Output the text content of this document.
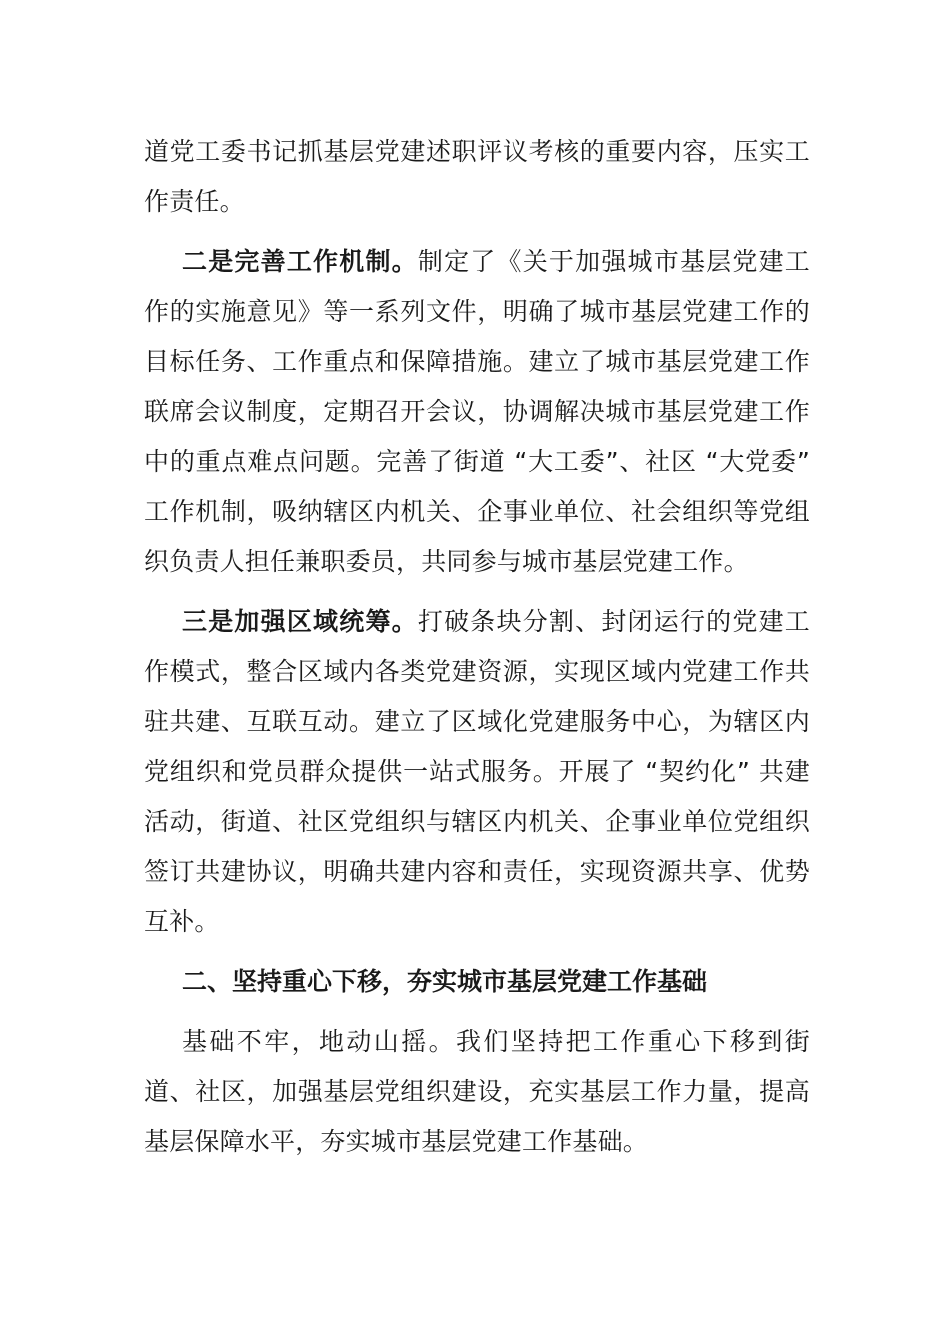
道党工委书记抓基层党建述职评议考核的重要内容，压实工作责任。

二是完善工作机制。制定了《关于加强城市基层党建工作的实施意见》等一系列文件，明确了城市基层党建工作的目标任务、工作重点和保障措施。建立了城市基层党建工作联席会议制度，定期召开会议，协调解决城市基层党建工作中的重点难点问题。完善了街道 “大工委”、社区 “大党委” 工作机制，吸纳辖区内机关、企事业单位、社会组织等党组织负责人担任兼职委员，共同参与城市基层党建工作。

三是加强区域统筹。打破条块分割、封闭运行的党建工作模式，整合区域内各类党建资源，实现区域内党建工作共驻共建、互联互动。建立了区域化党建服务中心，为辖区内党组织和党员群众提供一站式服务。开展了 “契约化” 共建活动，街道、社区党组织与辖区内机关、企事业单位党组织签订共建协议，明确共建内容和责任，实现资源共享、优势互补。

二、坚持重心下移，夯实城市基层党建工作基础

基础不牢，地动山摇。我们坚持把工作重心下移到街道、社区，加强基层党组织建设，充实基层工作力量，提高基层保障水平，夯实城市基层党建工作基础。
